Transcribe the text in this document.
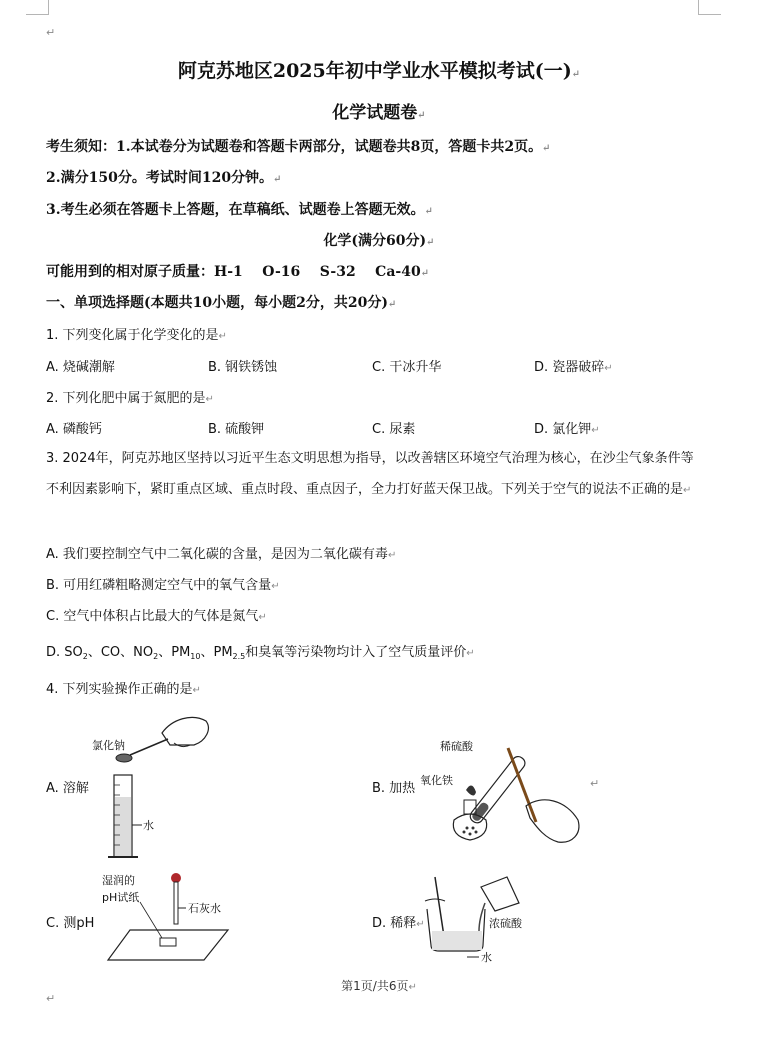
↵
阿克苏地区2025年初中学业水平模拟考试(一)↵
化学试题卷↵
考生须知：1.本试卷分为试题卷和答题卡两部分，试题卷共8页，答题卡共2页。↵
2.满分150分。考试时间120分钟。↵
3.考生必须在答题卡上答题，在草稿纸、试题卷上答题无效。↵
化学(满分60分)↵
可能用到的相对原子质量：H-1    O-16    S-32    Ca-40↵
一、单项选择题(本题共10小题，每小题2分，共20分)↵
1. 下列变化属于化学变化的是↵
A. 烧碱潮解	B. 钢铁锈蚀	C. 干冰升华	D. 瓷器破碎↵
2. 下列化肥中属于氮肥的是↵
A. 磷酸钙	B. 硫酸钾	C. 尿素	D. 氯化钾↵
3. 2024年，阿克苏地区坚持以习近平生态文明思想为指导，以改善辖区环境空气治理为核心，在沙尘气象条件等不利因素影响下，紧盯重点区域、重点时段、重点因子，全力打好蓝天保卫战。下列关于空气的说法不正确的是↵
A. 我们要控制空气中二氧化碳的含量，是因为二氧化碳有毒↵
B. 可用红磷粗略测定空气中的氧气含量↵
C. 空气中体积占比最大的气体是氮气↵
D. $SO_2$、CO、$NO_2$、$PM_{10}$、$PM_{2.5}$和臭氧等污染物均计入了空气质量评价↵
4. 下列实验操作正确的是↵
A. 溶解	B. 加热
C. 测pH	D. 稀释↵
↵
氯化钠
水
稀硫酸
氧化铁
湿润的
pH试纸
石灰水
浓硫酸
水
第1页/共6页↵
↵
